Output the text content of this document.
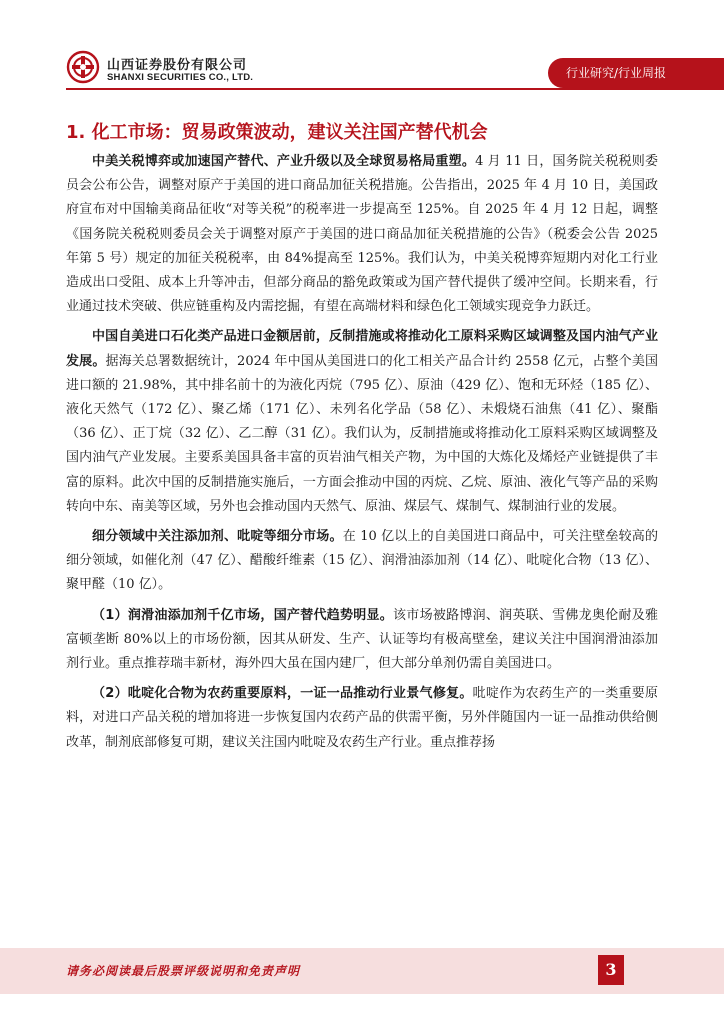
山西证券股份有限公司
SHANXI SECURITIES CO., LTD.	行业研究/行业周报
1. 化工市场：贸易政策波动，建议关注国产替代机会

中美关税博弈或加速国产替代、产业升级以及全球贸易格局重塑。4 月 11 日，国务院关税税则委员会公布公告，调整对原产于美国的进口商品加征关税措施。公告指出，2025 年 4 月 10 日，美国政府宣布对中国输美商品征收“对等关税”的税率进一步提高至 125%。自 2025 年 4 月 12 日起，调整《国务院关税税则委员会关于调整对原产于美国的进口商品加征关税措施的公告》（税委会公告 2025 年第 5 号）规定的加征关税税率，由 84%提高至 125%。我们认为，中美关税博弈短期内对化工行业造成出口受阻、成本上升等冲击，但部分商品的豁免政策或为国产替代提供了缓冲空间。长期来看，行业通过技术突破、供应链重构及内需挖掘，有望在高端材料和绿色化工领域实现竞争力跃迁。

中国自美进口石化类产品进口金额居前，反制措施或将推动化工原料采购区域调整及国内油气产业发展。据海关总署数据统计，2024 年中国从美国进口的化工相关产品合计约 2558 亿元，占整个美国进口额的 21.98%，其中排名前十的为液化丙烷（795 亿）、原油（429 亿）、饱和无环烃（185 亿）、液化天然气（172 亿）、聚乙烯（171 亿）、未列名化学品（58 亿）、未煅烧石油焦（41 亿）、聚酯（36 亿）、正丁烷（32 亿）、乙二醇（31 亿）。我们认为，反制措施或将推动化工原料采购区域调整及国内油气产业发展。主要系美国具备丰富的页岩油气相关产物，为中国的大炼化及烯烃产业链提供了丰富的原料。此次中国的反制措施实施后，一方面会推动中国的丙烷、乙烷、原油、液化气等产品的采购转向中东、南美等区域，另外也会推动国内天然气、原油、煤层气、煤制气、煤制油行业的发展。

细分领域中关注添加剂、吡啶等细分市场。在 10 亿以上的自美国进口商品中，可关注壁垒较高的细分领域，如催化剂（47 亿）、醋酸纤维素（15 亿）、润滑油添加剂（14 亿）、吡啶化合物（13 亿）、聚甲醛（10 亿）。

（1）润滑油添加剂千亿市场，国产替代趋势明显。该市场被路博润、润英联、雪佛龙奥伦耐及雅富顿垄断 80%以上的市场份额，因其从研发、生产、认证等均有极高壁垒，建议关注中国润滑油添加剂行业。重点推荐瑞丰新材，海外四大虽在国内建厂，但大部分单剂仍需自美国进口。

（2）吡啶化合物为农药重要原料，一证一品推动行业景气修复。吡啶作为农药生产的一类重要原料，对进口产品关税的增加将进一步恢复国内农药产品的供需平衡，另外伴随国内一证一品推动供给侧改革，制剂底部修复可期，建议关注国内吡啶及农药生产行业。重点推荐扬

请务必阅读最后股票评级说明和免责声明	3
